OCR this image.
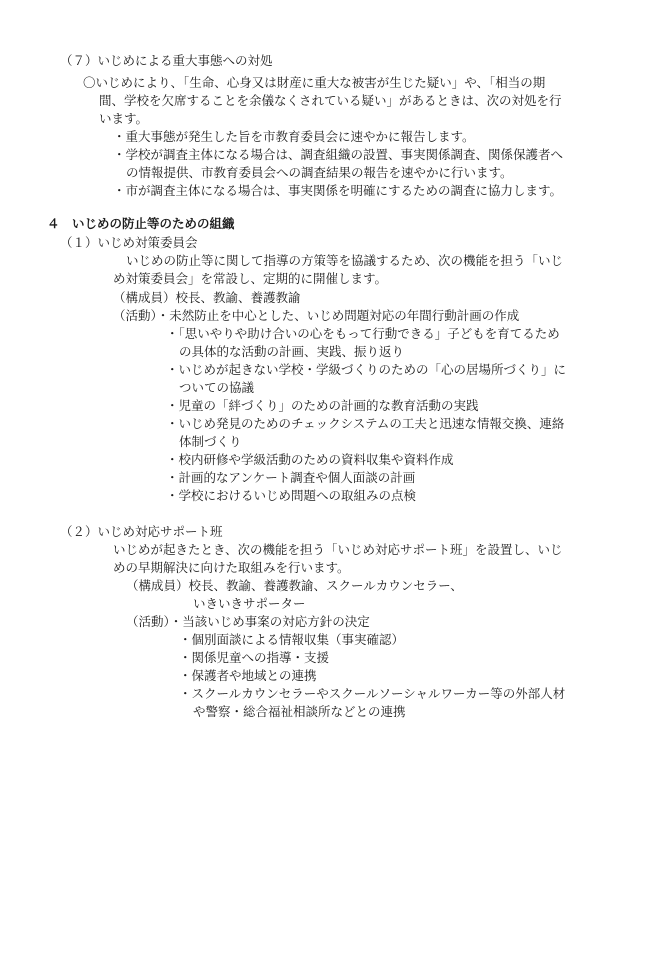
（７）いじめによる重大事態への対処
〇いじめにより、「生命、心身又は財産に重大な被害が生じた疑い」や、「相当の期
間、学校を欠席することを余儀なくされている疑い」があるときは、次の対処を行
います。
・重大事態が発生した旨を市教育委員会に速やかに報告します。
・学校が調査主体になる場合は、調査組織の設置、事実関係調査、関係保護者へ
の情報提供、市教育委員会への調査結果の報告を速やかに行います。
・市が調査主体になる場合は、事実関係を明確にするための調査に協力します。
４　いじめの防止等のための組織
（１）いじめ対策委員会
いじめの防止等に関して指導の方策等を協議するため、次の機能を担う「いじ
め対策委員会」を常設し、定期的に開催します。
（構成員）校長、教諭、養護教諭
（活動）・未然防止を中心とした、いじめ問題対応の年間行動計画の作成
・「思いやりや助け合いの心をもって行動できる」子どもを育てるため
の具体的な活動の計画、実践、振り返り
・いじめが起きない学校・学級づくりのための「心の居場所づくり」に
ついての協議
・児童の「絆づくり」のための計画的な教育活動の実践
・いじめ発見のためのチェックシステムの工夫と迅速な情報交換、連絡
体制づくり
・校内研修や学級活動のための資料収集や資料作成
・計画的なアンケート調査や個人面談の計画
・学校におけるいじめ問題への取組みの点検
（２）いじめ対応サポート班
いじめが起きたとき、次の機能を担う「いじめ対応サポート班」を設置し、いじ
めの早期解決に向けた取組みを行います。
（構成員）校長、教諭、養護教諭、スクールカウンセラー、
いきいきサポーター
（活動）・当該いじめ事案の対応方針の決定
・個別面談による情報収集（事実確認）
・関係児童への指導・支援
・保護者や地域との連携
・スクールカウンセラーやスクールソーシャルワーカー等の外部人材
や警察・総合福祉相談所などとの連携
